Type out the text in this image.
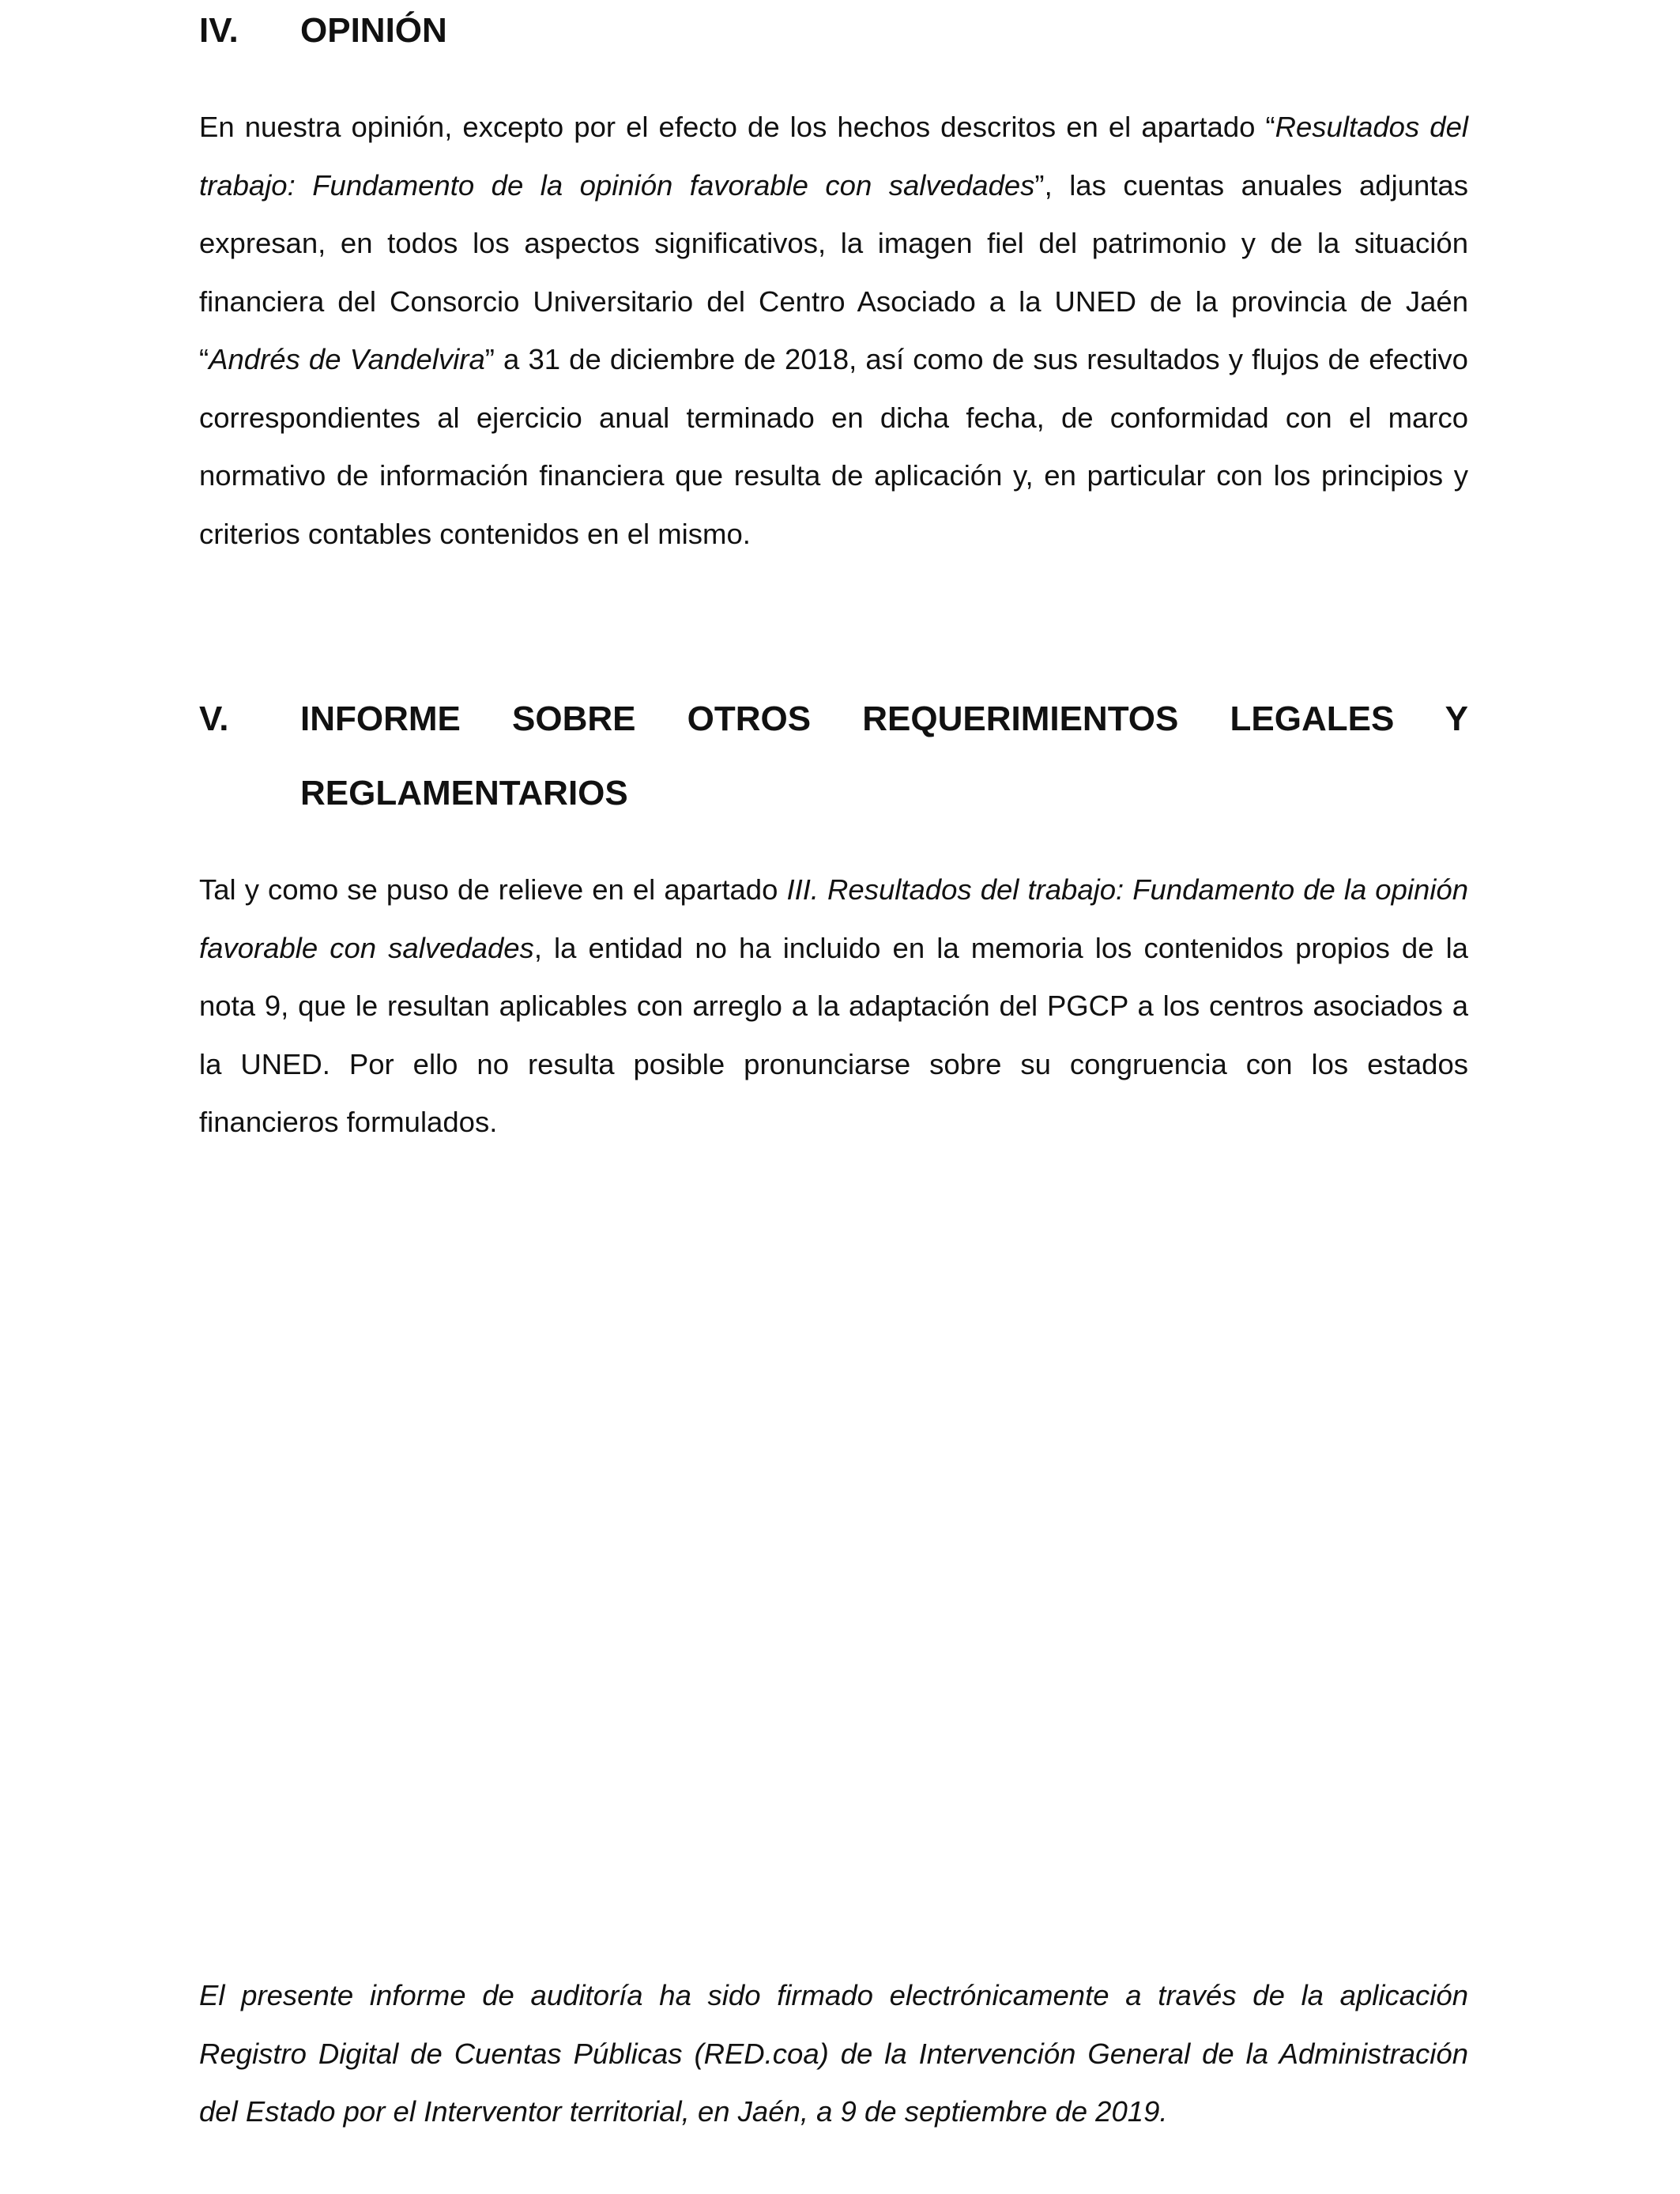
IV. OPINIÓN

En nuestra opinión, excepto por el efecto de los hechos descritos en el apartado “Resultados del trabajo: Fundamento de la opinión favorable con salvedades”, las cuentas anuales adjuntas expresan, en todos los aspectos significativos, la imagen fiel del patrimonio y de la situación financiera del Consorcio Universitario del Centro Asociado a la UNED de la provincia de Jaén “Andrés de Vandelvira” a 31 de diciembre de 2018, así como de sus resultados y flujos de efectivo correspondientes al ejercicio anual terminado en dicha fecha, de conformidad con el marco normativo de información financiera que resulta de aplicación y, en particular con los principios y criterios contables contenidos en el mismo.

V. INFORME SOBRE OTROS REQUERIMIENTOS LEGALES Y
REGLAMENTARIOS

Tal y como se puso de relieve en el apartado III. Resultados del trabajo: Fundamento de la opinión favorable con salvedades, la entidad no ha incluido en la memoria los contenidos propios de la nota 9, que le resultan aplicables con arreglo a la adaptación del PGCP a los centros asociados a la UNED. Por ello no resulta posible pronunciarse sobre su congruencia con los estados financieros formulados.

El presente informe de auditoría ha sido firmado electrónicamente a través de la aplicación Registro Digital de Cuentas Públicas (RED.coa) de la Intervención General de la Administración del Estado por el Interventor territorial, en Jaén, a 9 de septiembre de 2019.
